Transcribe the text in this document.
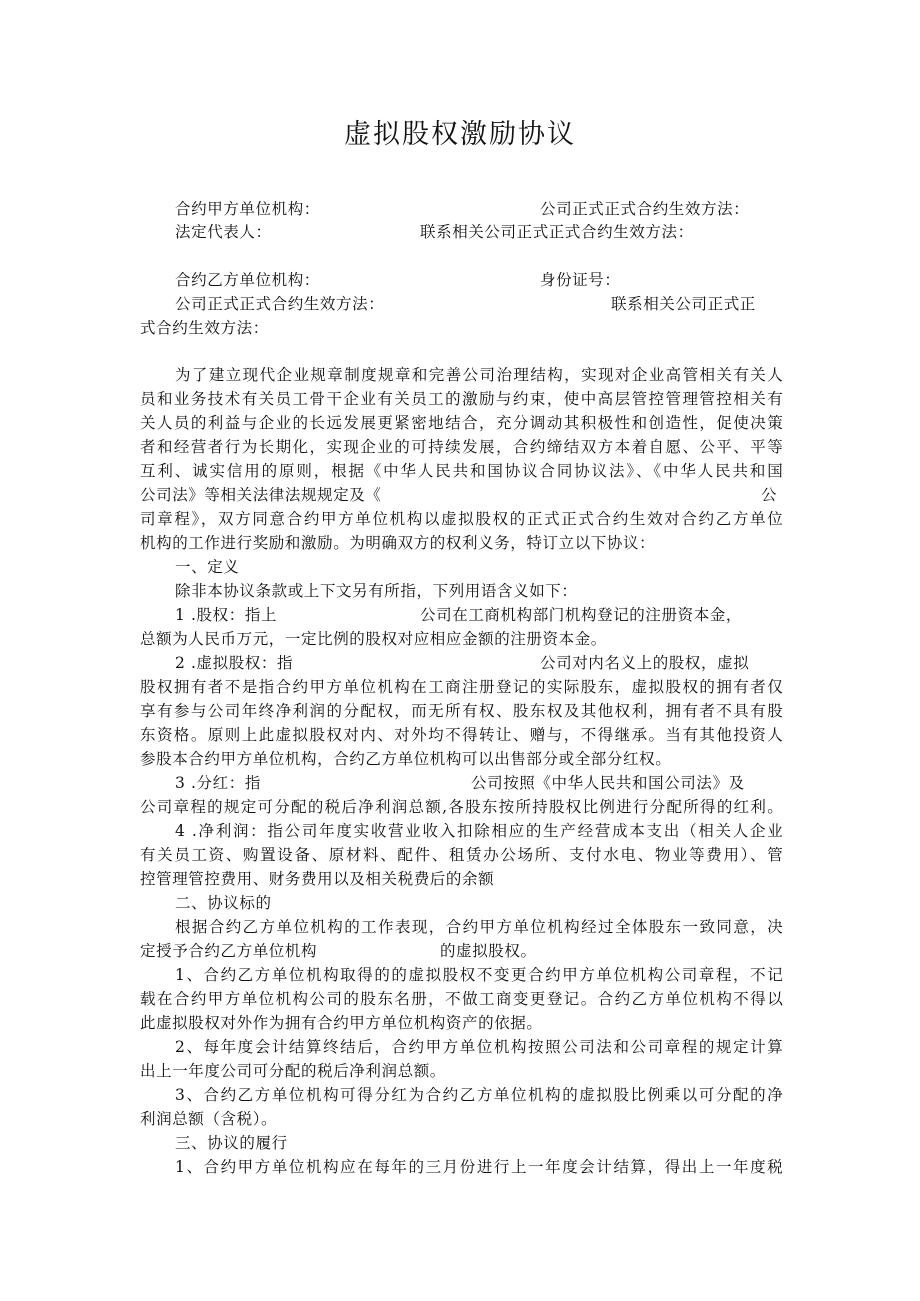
虚拟股权激励协议
合约甲方单位机构：	公司正式正式合约生效方法：
法定代表人：	联系相关公司正式正式合约生效方法：
合约乙方单位机构：	身份证号：
公司正式正式合约生效方法：	联系相关公司正式正
式合约生效方法：
为了建立现代企业规章制度规章和完善公司治理结构，实现对企业高管相关有关人
员和业务技术有关员工骨干企业有关员工的激励与约束，使中高层管控管理管控相关有
关人员的利益与企业的长远发展更紧密地结合，充分调动其积极性和创造性，促使决策
者和经营者行为长期化，实现企业的可持续发展，合约缔结双方本着自愿、公平、平等
互利、诚实信用的原则，根据《中华人民共和国协议合同协议法》、《中华人民共和国
公司法》等相关法律法规规定及《	公
司章程》，双方同意合约甲方单位机构以虚拟股权的正式正式合约生效对合约乙方单位
机构的工作进行奖励和激励。为明确双方的权利义务，特订立以下协议：
一、定义
除非本协议条款或上下文另有所指，下列用语含义如下：
1 .股权：指上	公司在工商机构部门机构登记的注册资本金，
总额为人民币万元，一定比例的股权对应相应金额的注册资本金。
2 .虚拟股权：指	公司对内名义上的股权，虚拟
股权拥有者不是指合约甲方单位机构在工商注册登记的实际股东，虚拟股权的拥有者仅
享有参与公司年终净利润的分配权，而无所有权、股东权及其他权利，拥有者不具有股
东资格。原则上此虚拟股权对内、对外均不得转让、赠与，不得继承。当有其他投资人
参股本合约甲方单位机构，合约乙方单位机构可以出售部分或全部分红权。
3 .分红：指	公司按照《中华人民共和国公司法》及
公司章程的规定可分配的税后净利润总额,各股东按所持股权比例进行分配所得的红利。
4 .净利润：指公司年度实收营业收入扣除相应的生产经营成本支出（相关人企业
有关员工资、购置设备、原材料、配件、租赁办公场所、支付水电、物业等费用）、管
控管理管控费用、财务费用以及相关税费后的余额
二、协议标的
根据合约乙方单位机构的工作表现，合约甲方单位机构经过全体股东一致同意，决
定授予合约乙方单位机构	的虚拟股权。
1、合约乙方单位机构取得的的虚拟股权不变更合约甲方单位机构公司章程，不记
载在合约甲方单位机构公司的股东名册，不做工商变更登记。合约乙方单位机构不得以
此虚拟股权对外作为拥有合约甲方单位机构资产的依据。
2、每年度会计结算终结后，合约甲方单位机构按照公司法和公司章程的规定计算
出上一年度公司可分配的税后净利润总额。
3、合约乙方单位机构可得分红为合约乙方单位机构的虚拟股比例乘以可分配的净
利润总额（含税）。
三、协议的履行
1、合约甲方单位机构应在每年的三月份进行上一年度会计结算，得出上一年度税
